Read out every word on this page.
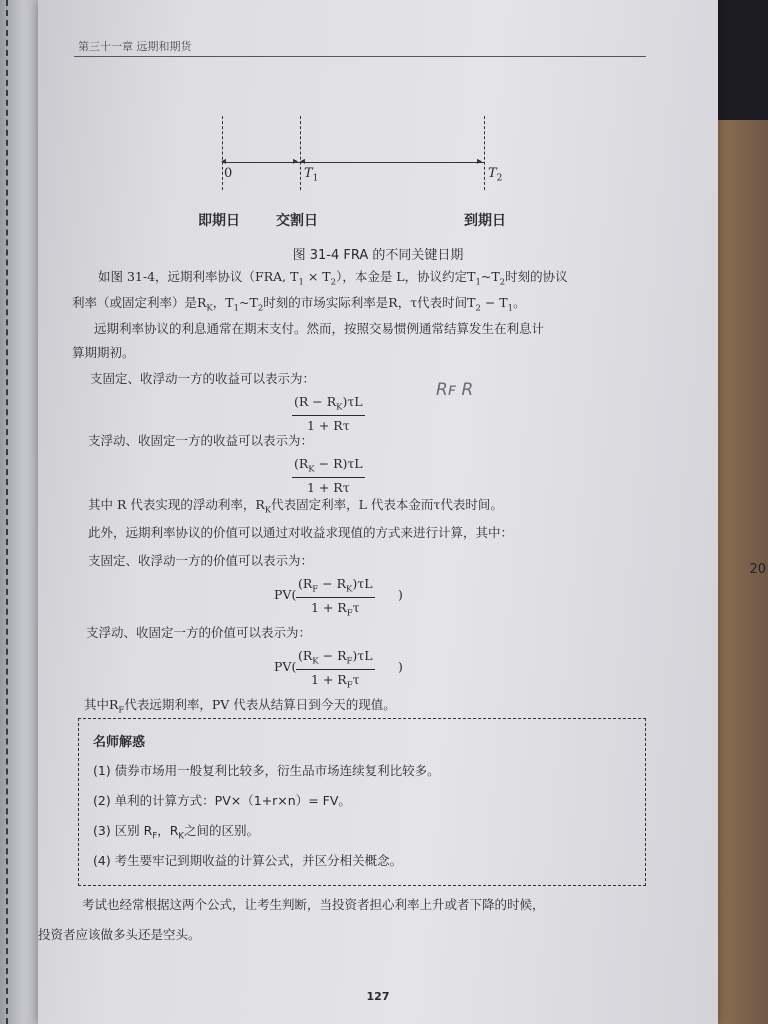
第三十一章 远期和期货
◂	▸ ◂	▸
0	$T_1$	$T_2$
即期日	交割日	到期日
图 31-4 FRA 的不同关键日期
如图 31-4，远期利率协议（FRA, $T_1 \times T_2$），本金是 L，协议约定$T_1\sim T_2$时刻的协议
利率（或固定利率）是$R_K$，$T_1\sim T_2$时刻的市场实际利率是R，τ代表时间$T_2 - T_1$。
远期利率协议的利息通常在期末支付。然而，按照交易惯例通常结算发生在利息计
算期期初。
支固定、收浮动一方的收益可以表示为：
$\frac{(R - R_K)\tau L}{1 + R\tau}$
Rꜰ R
支浮动、收固定一方的收益可以表示为：
$\frac{(R_K - R)\tau L}{1 + R\tau}$
其中 R 代表实现的浮动利率，$R_K$代表固定利率，L 代表本金而τ代表时间。
此外，远期利率协议的价值可以通过对收益求现值的方式来进行计算，其中：
支固定、收浮动一方的价值可以表示为：
PV(
$(R_F - R_K)\tau L$
$1 + R_F\tau$
)
支浮动、收固定一方的价值可以表示为：
PV(
$(R_K - R_F)\tau L$
$1 + R_F\tau$
)
其中$R_F$代表远期利率，PV 代表从结算日到今天的现值。
名师解惑
(1) 债券市场用一般复利比较多，衍生品市场连续复利比较多。
(2) 单利的计算方式：PV×（1+r×n）= FV。
(3) 区别 $R_F$，$R_K$之间的区别。
(4) 考生要牢记到期收益的计算公式，并区分相关概念。
考试也经常根据这两个公式，让考生判断，当投资者担心利率上升或者下降的时候，
投资者应该做多头还是空头。
127
20
